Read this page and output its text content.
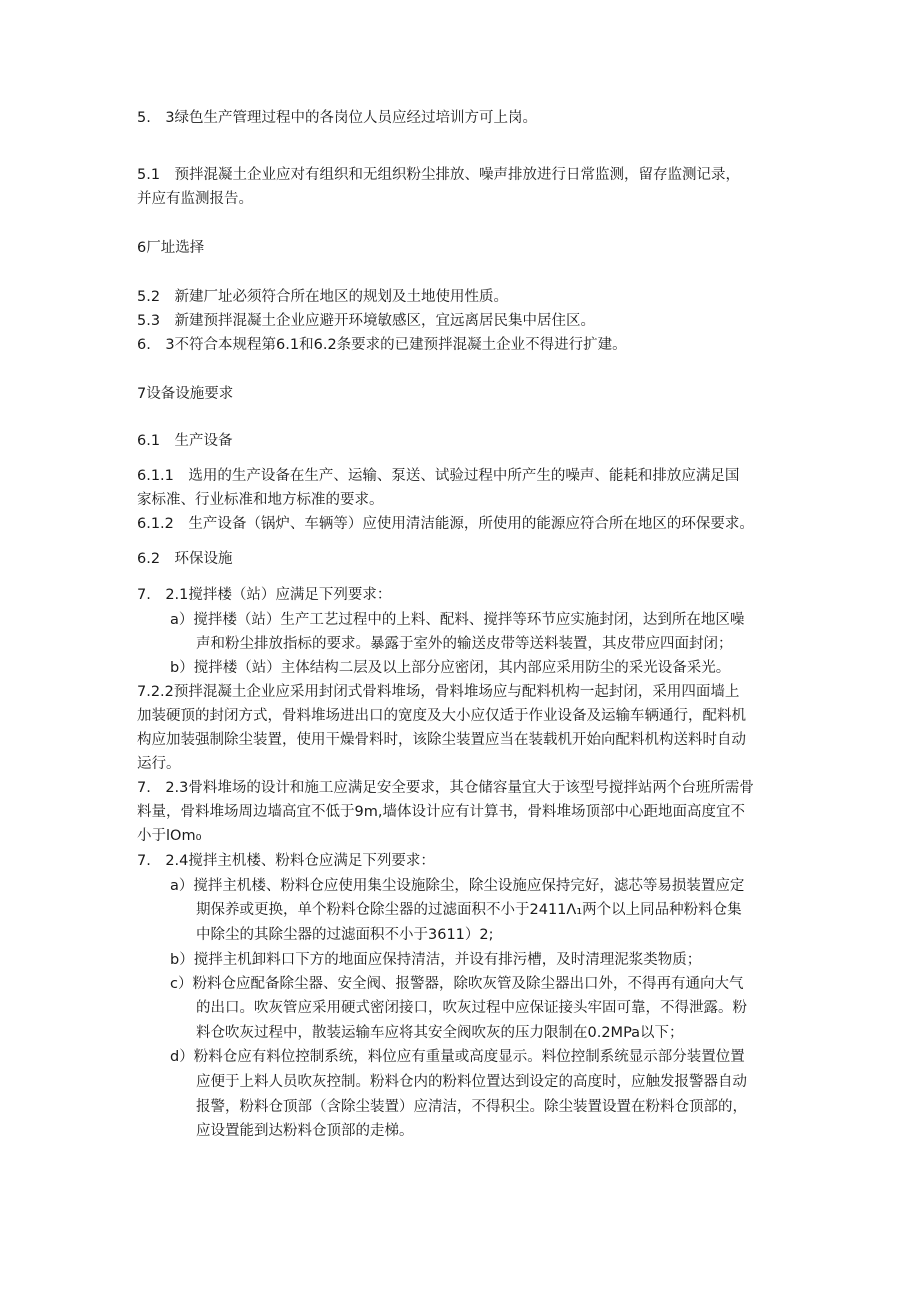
5.　3绿色生产管理过程中的各岗位人员应经过培训方可上岗。
5.1　预拌混凝土企业应对有组织和无组织粉尘排放、噪声排放进行日常监测，留存监测记录，
并应有监测报告。
6厂址选择
5.2　新建厂址必须符合所在地区的规划及土地使用性质。
5.3　新建预拌混凝土企业应避开环境敏感区，宜远离居民集中居住区。
6.　3不符合本规程第6.1和6.2条要求的已建预拌混凝土企业不得进行扩建。
7设备设施要求
6.1　生产设备
6.1.1　选用的生产设备在生产、运输、泵送、试验过程中所产生的噪声、能耗和排放应满足国
家标准、行业标准和地方标准的要求。
6.1.2　生产设备（锅炉、车辆等）应使用清洁能源，所使用的能源应符合所在地区的环保要求。
6.2　环保设施
7.　2.1搅拌楼（站）应满足下列要求：
a）搅拌楼（站）生产工艺过程中的上料、配料、搅拌等环节应实施封闭，达到所在地区噪
声和粉尘排放指标的要求。暴露于室外的输送皮带等送料装置，其皮带应四面封闭；
b）搅拌楼（站）主体结构二层及以上部分应密闭，其内部应采用防尘的采光设备采光。
7.2.2预拌混凝土企业应采用封闭式骨料堆场，骨料堆场应与配料机构一起封闭，采用四面墙上
加装硬顶的封闭方式，骨料堆场进出口的宽度及大小应仅适于作业设备及运输车辆通行，配料机
构应加装强制除尘装置，使用干燥骨料时，该除尘装置应当在装载机开始向配料机构送料时自动
运行。
7.　2.3骨料堆场的设计和施工应满足安全要求，其仓储容量宜大于该型号搅拌站两个台班所需骨
料量，骨料堆场周边墙高宜不低于9m,墙体设计应有计算书，骨料堆场顶部中心距地面高度宜不
小于lOm₀
7.　2.4搅拌主机楼、粉料仓应满足下列要求：
a）搅拌主机楼、粉料仓应使用集尘设施除尘，除尘设施应保持完好，滤芯等易损装置应定
期保养或更换，单个粉料仓除尘器的过滤面积不小于2411Λ₁两个以上同品种粉料仓集
中除尘的其除尘器的过滤面积不小于3611）2;
b）搅拌主机卸料口下方的地面应保持清洁，并设有排污槽，及时清理泥浆类物质；
c）粉料仓应配备除尘器、安全阀、报警器，除吹灰管及除尘器出口外，不得再有通向大气
的出口。吹灰管应采用硬式密闭接口，吹灰过程中应保证接头牢固可靠，不得泄露。粉
料仓吹灰过程中，散装运输车应将其安全阀吹灰的压力限制在0.2MPa以下；
d）粉料仓应有料位控制系统，料位应有重量或高度显示。料位控制系统显示部分装置位置
应便于上料人员吹灰控制。粉料仓内的粉料位置达到设定的高度时，应触发报警器自动
报警，粉料仓顶部（含除尘装置）应清洁，不得积尘。除尘装置设置在粉料仓顶部的，
应设置能到达粉料仓顶部的走梯。
